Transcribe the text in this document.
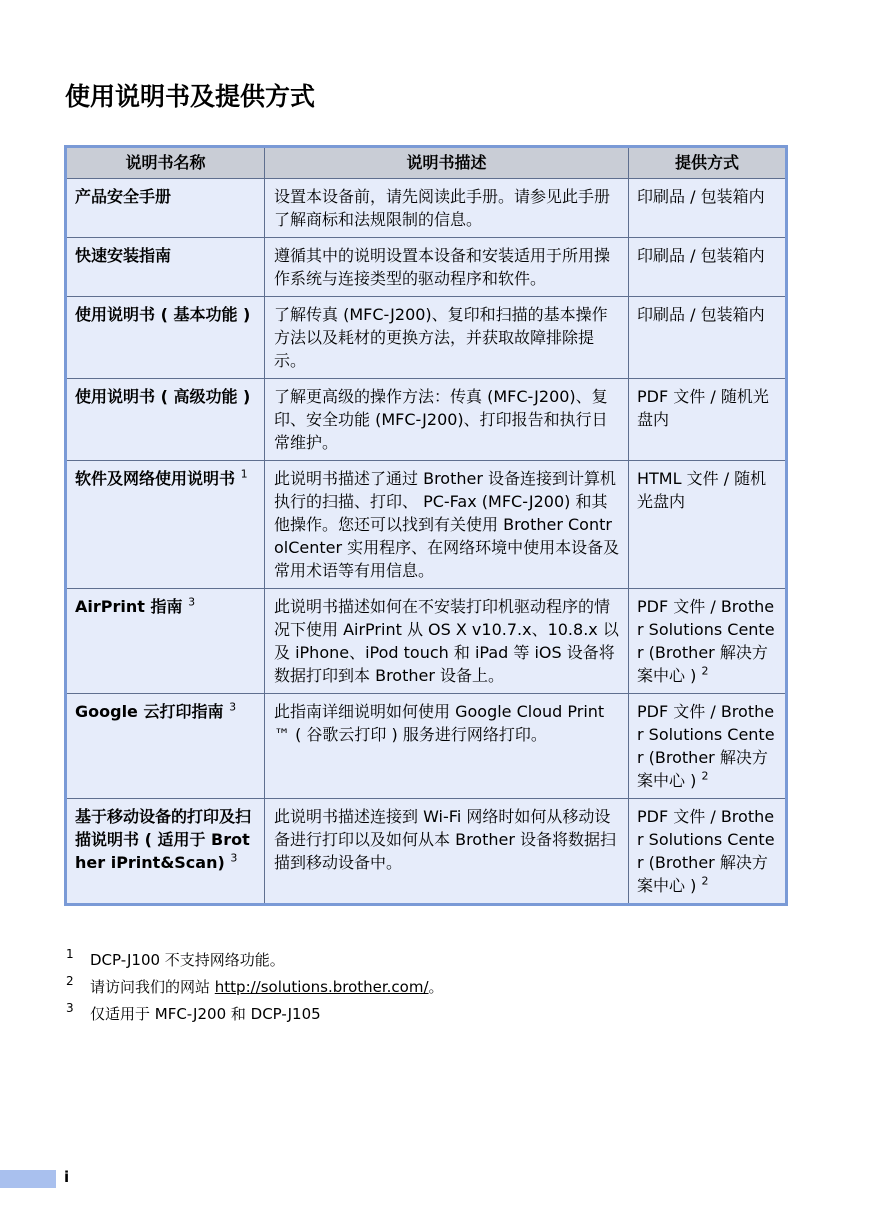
使用说明书及提供方式
说明书名称	说明书描述	提供方式
产品安全手册	设置本设备前，请先阅读此手册。请参见此手册了解商标和法规限制的信息。	印刷品 / 包装箱内
快速安装指南	遵循其中的说明设置本设备和安装适用于所用操作系统与连接类型的驱动程序和软件。	印刷品 / 包装箱内
使用说明书 ( 基本功能 )	了解传真 (MFC-J200)、复印和扫描的基本操作方法以及耗材的更换方法，并获取故障排除提示。	印刷品 / 包装箱内
使用说明书 ( 高级功能 )	了解更高级的操作方法：传真 (MFC-J200)、复印、安全功能 (MFC-J200)、打印报告和执行日常维护。	PDF 文件 / 随机光盘内
软件及网络使用说明书 $^1$	此说明书描述了通过 Brother 设备连接到计算机执行的扫描、打印、 PC-Fax (MFC-J200) 和其他操作。您还可以找到有关使用 Brother ControlCenter 实用程序、在网络环境中使用本设备及常用术语等有用信息。	HTML 文件 / 随机光盘内
AirPrint 指南 $^3$	此说明书描述如何在不安装打印机驱动程序的情况下使用 AirPrint 从 OS X v10.7.x、10.8.x 以及 iPhone、iPod touch 和 iPad 等 iOS 设备将数据打印到本 Brother 设备上。	PDF 文件 / Brother Solutions Center (Brother 解决方案中心 ) $^2$
Google 云打印指南 $^3$	此指南详细说明如何使用 Google Cloud Print™ ( 谷歌云打印 ) 服务进行网络打印。	PDF 文件 / Brother Solutions Center (Brother 解决方案中心 ) $^2$
基于移动设备的打印及扫描说明书 ( 适用于 Brother iPrint&Scan) $^3$	此说明书描述连接到 Wi-Fi 网络时如何从移动设备进行打印以及如何从本 Brother 设备将数据扫描到移动设备中。	PDF 文件 / Brother Solutions Center (Brother 解决方案中心 ) $^2$
1 DCP-J100 不支持网络功能。
2 请访问我们的网站 http://solutions.brother.com/。
3 仅适用于 MFC-J200 和 DCP-J105
i
